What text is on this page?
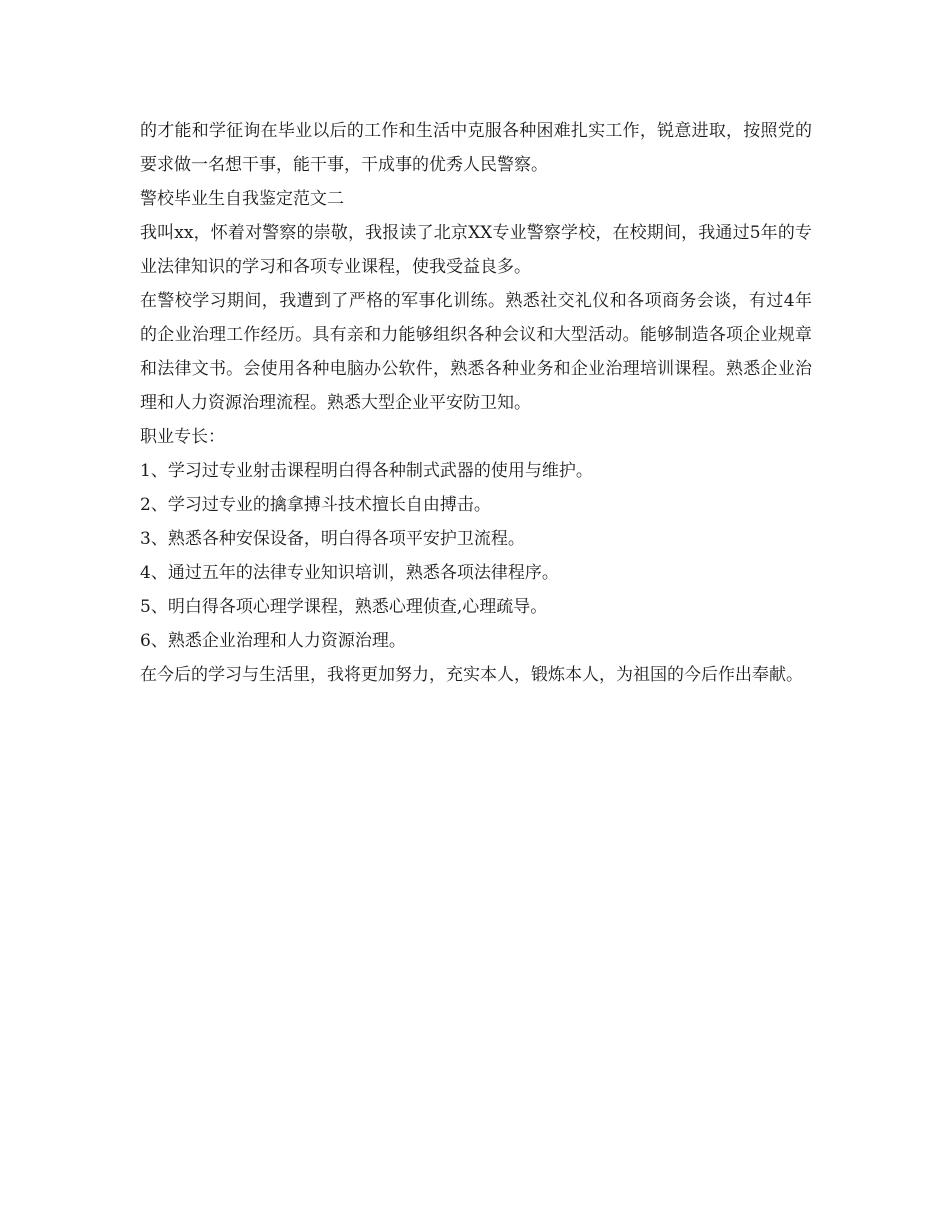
的才能和学征询在毕业以后的工作和生活中克服各种困难扎实工作，锐意进取，按照党的要求做一名想干事，能干事，干成事的优秀人民警察。

警校毕业生自我鉴定范文二

我叫xx，怀着对警察的崇敬，我报读了北京XX专业警察学校，在校期间，我通过5年的专业法律知识的学习和各项专业课程，使我受益良多。

在警校学习期间，我遭到了严格的军事化训练。熟悉社交礼仪和各项商务会谈，有过4年的企业治理工作经历。具有亲和力能够组织各种会议和大型活动。能够制造各项企业规章和法律文书。会使用各种电脑办公软件，熟悉各种业务和企业治理培训课程。熟悉企业治理和人力资源治理流程。熟悉大型企业平安防卫知。

职业专长：

1、学习过专业射击课程明白得各种制式武器的使用与维护。

2、学习过专业的擒拿搏斗技术擅长自由搏击。

3、熟悉各种安保设备，明白得各项平安护卫流程。

4、通过五年的法律专业知识培训，熟悉各项法律程序。

5、明白得各项心理学课程，熟悉心理侦查,心理疏导。

6、熟悉企业治理和人力资源治理。

在今后的学习与生活里，我将更加努力，充实本人，锻炼本人，为祖国的今后作出奉献。
